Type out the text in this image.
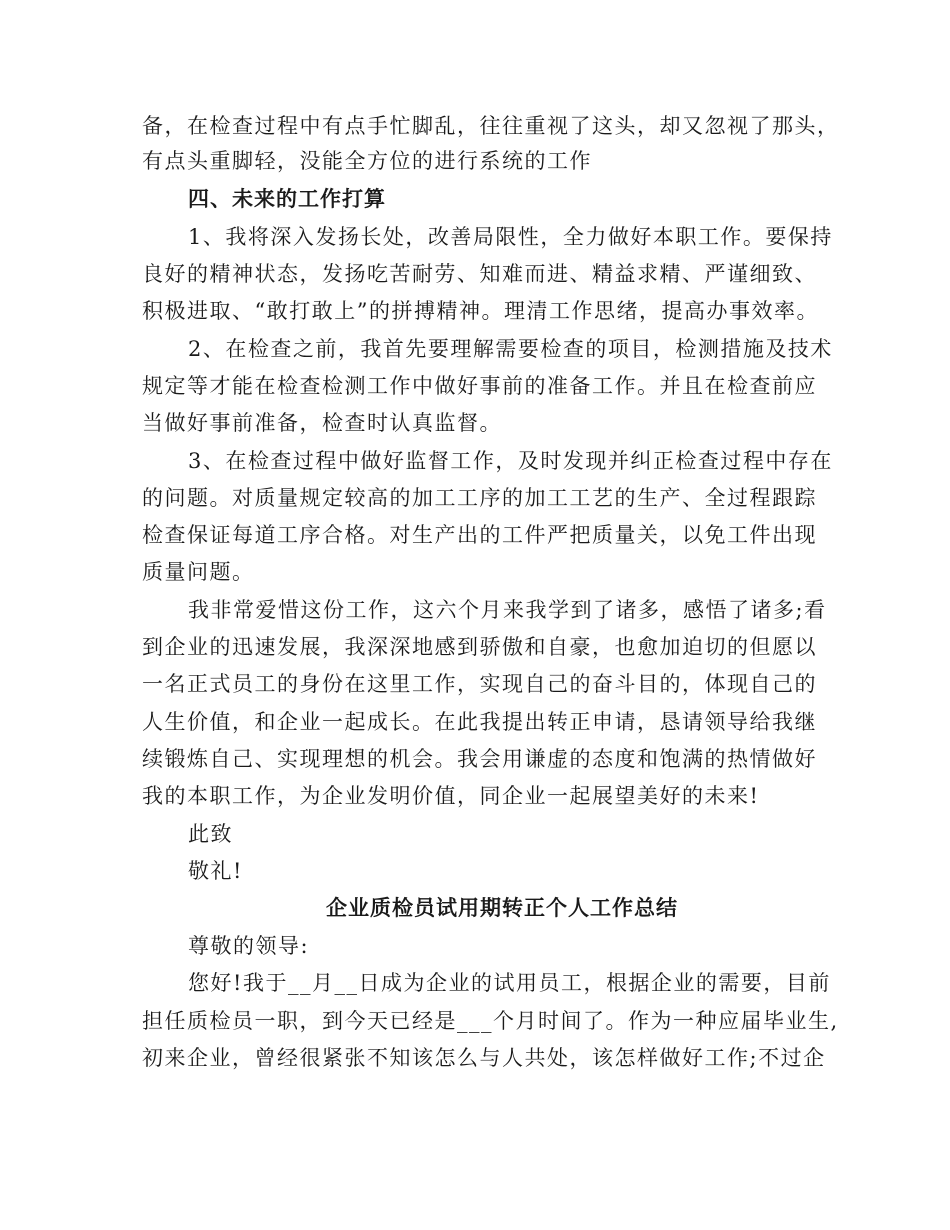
备，在检查过程中有点手忙脚乱，往往重视了这头，却又忽视了那头，
有点头重脚轻，没能全方位的进行系统的工作
四、未来的工作打算
1、我将深入发扬长处，改善局限性，全力做好本职工作。要保持
良好的精神状态，发扬吃苦耐劳、知难而进、精益求精、严谨细致、
积极进取、“敢打敢上”的拼搏精神。理清工作思绪，提高办事效率。
2、在检查之前，我首先要理解需要检查的项目，检测措施及技术
规定等才能在检查检测工作中做好事前的准备工作。并且在检查前应
当做好事前准备，检查时认真监督。
3、在检查过程中做好监督工作，及时发现并纠正检查过程中存在
的问题。对质量规定较高的加工工序的加工工艺的生产、全过程跟踪
检查保证每道工序合格。对生产出的工件严把质量关，以免工件出现
质量问题。
我非常爱惜这份工作，这六个月来我学到了诸多，感悟了诸多;看
到企业的迅速发展，我深深地感到骄傲和自豪，也愈加迫切的但愿以
一名正式员工的身份在这里工作，实现自己的奋斗目的，体现自己的
人生价值，和企业一起成长。在此我提出转正申请，恳请领导给我继
续锻炼自己、实现理想的机会。我会用谦虚的态度和饱满的热情做好
我的本职工作，为企业发明价值，同企业一起展望美好的未来!
此致
敬礼!
企业质检员试用期转正个人工作总结
尊敬的领导:
您好!我于__月__日成为企业的试用员工，根据企业的需要，目前
担任质检员一职，到今天已经是___个月时间了。作为一种应届毕业生,
初来企业，曾经很紧张不知该怎么与人共处，该怎样做好工作;不过企
